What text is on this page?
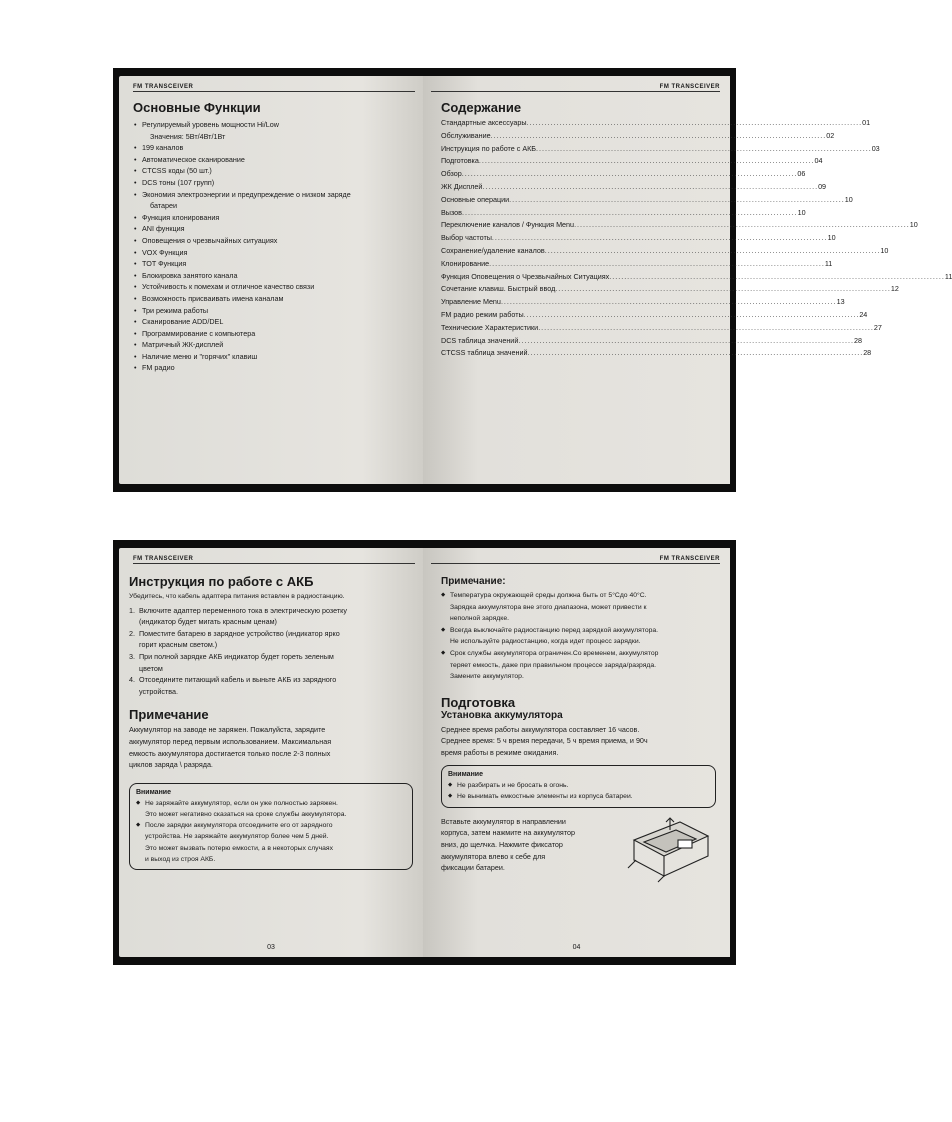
FM TRANSCEIVER
Основные Функции
• Регулируемый уровень мощности Hi/Low
Значения: 5Вт/4Вт/1Вт
• 199 каналов
• Автоматическое сканирование
• CTCSS коды (50 шт.)
• DCS тоны (107 групп)
• Экономия электроэнергии и предупреждение о низком заряде
батареи
• Функция клонирования
• ANI функция
• Оповещения о чрезвычайных ситуациях
• VOX Функция
• TOT Функция
• Блокировка занятого канала
• Устойчивость к помехам и отличное качество связи
• Возможность присваивать имена каналам
• Три режима работы
• Сканирование ADD/DEL
• Программирование с компьютера
• Матричный ЖК-дисплей
• Наличие меню и "горячих" клавиш
• FM радио
FM TRANSCEIVER
Содержание
Стандартные аксессуары ................................................................................................................ 01
Обслуживание ................................................................................................................ 02
Инструкция по работе с АКБ ................................................................................................................ 03
Подготовка ................................................................................................................ 04
Обзор ................................................................................................................ 06
ЖК Дисплей ................................................................................................................ 09
Основные операции ................................................................................................................ 10
Вызов ................................................................................................................ 10
Переключение каналов / Функция Menu ................................................................................................................ 10
Выбор частоты ................................................................................................................ 10
Сохранение/удаление каналов ................................................................................................................ 10
Клонирование ................................................................................................................ 11
Функция Оповещения о Чрезвычайных Ситуациях ................................................................................................................ 11
Сочетание клавиш. Быстрый ввод ................................................................................................................ 12
Управление Menu ................................................................................................................ 13
FM радио режим работы ................................................................................................................ 24
Технические Характеристики ................................................................................................................ 27
DCS таблица значений ................................................................................................................ 28
CTCSS таблица значений ................................................................................................................ 28
FM TRANSCEIVER
Инструкция по работе с АКБ
Убедитесь, что кабель адаптера питания вставлен в радиостанцию.
1. Включите адаптер переменного тока в электрическую розетку
(индикатор будет мигать красным ценам)
2. Поместите батарею в зарядное устройство (индикатор ярко
горит красным светом.)
3. При полной зарядке АКБ индикатор будет гореть зеленым
цветом
4. Отсоедините питающий кабель и выньте АКБ из зарядного
устройства.
Примечание
Аккумулятор на заводе не заряжен. Пожалуйста, зарядите
аккумулятор перед первым использованием. Максимальная
емкость аккумулятора достигается только после 2-3 полных
циклов заряда \ разряда.
Внимание
◆ Не заряжайте аккумулятор, если он уже полностью заряжен.
Это может негативно сказаться на сроке службы аккумулятора.
◆ После зарядки аккумулятора отсоедините его от зарядного
устройства. Не заряжайте аккумулятор более чем 5 дней.
Это может вызвать потерю емкости, а в некоторых случаях
и выход из строя АКБ.
03
FM TRANSCEIVER
Примечание:
◆ Температура окружающей среды должна быть от 5°Сдо 40°С.
Зарядка аккумулятора вне этого диапазона, может привести к
неполной зарядке.
◆ Всегда выключайте радиостанцию перед зарядкой аккумулятора.
Не используйте радиостанцию, когда идет процесс зарядки.
◆ Срок службы аккумулятора ограничен.Со временем, аккумулятор
теряет емкость, даже при правильном процессе заряда/разряда.
Замените аккумулятор.
Подготовка
Установка аккумулятора
Среднее время работы аккумулятора составляет 16 часов.
Среднее время: 5 ч время передачи, 5 ч время приема, и 90ч
время работы в режиме ожидания.
Внимание
◆ Не разбирать и не бросать в огонь.
◆ Не вынимать емкостные элементы из корпуса батареи.
Вставьте аккумулятор в направлении
корпуса, затем нажмите на аккумулятор
вниз, до щелчка. Нажмите фиксатор
аккумулятора влево к себе для
фиксации батареи.
04
